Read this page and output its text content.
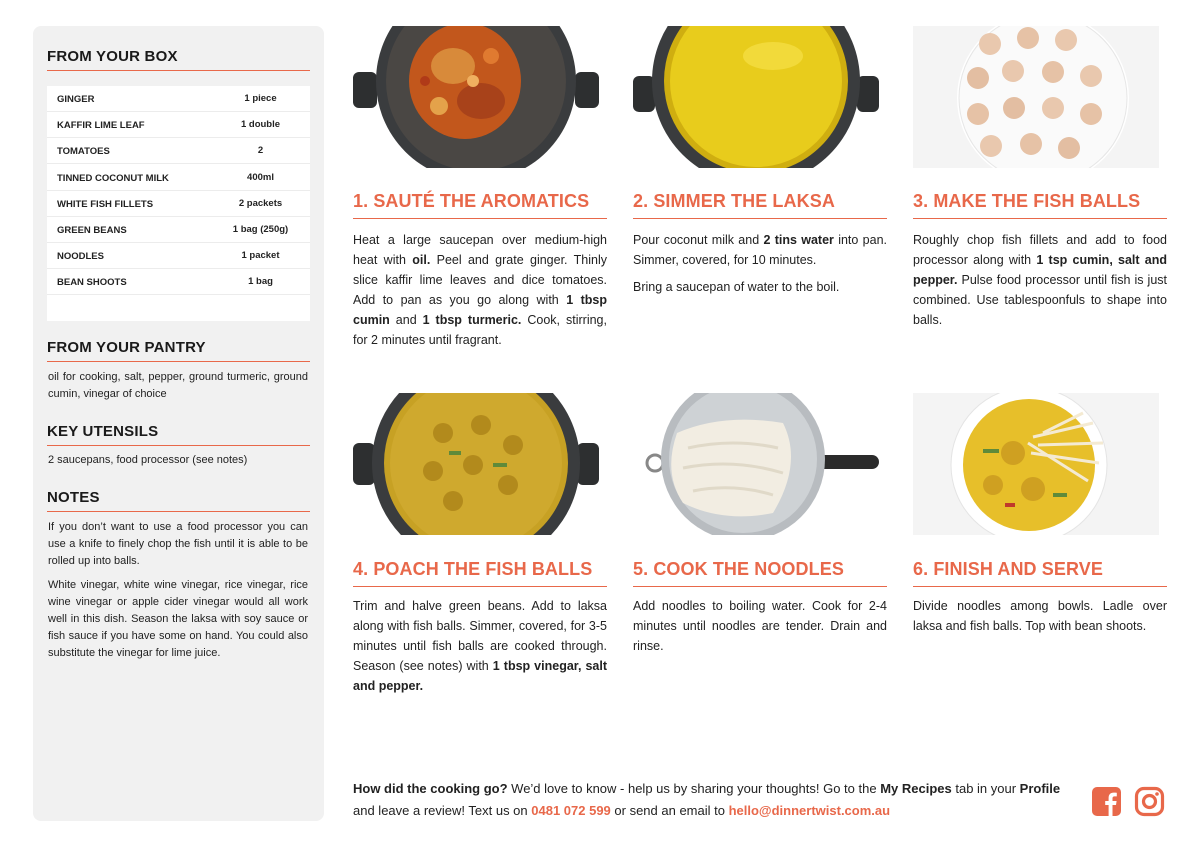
FROM YOUR BOX
GINGER	1 piece
KAFFIR LIME LEAF	1 double
TOMATOES	2
TINNED COCONUT MILK	400ml
WHITE FISH FILLETS	2 packets
GREEN BEANS	1 bag (250g)
NOODLES	1 packet
BEAN SHOOTS	1 bag
FROM YOUR PANTRY
oil for cooking, salt, pepper, ground turmeric, ground cumin, vinegar of choice
KEY UTENSILS
2 saucepans, food processor (see notes)
NOTES
If you don’t want to use a food processor you can use a knife to finely chop the fish until it is able to be rolled up into balls.
White vinegar, white wine vinegar, rice vinegar, rice wine vinegar or apple cider vinegar would all work well in this dish. Season the laksa with soy sauce or fish sauce if you have some on hand. You could also substitute the vinegar for lime juice.
1. SAUTÉ THE AROMATICS	2. SIMMER THE LAKSA	3. MAKE THE FISH BALLS
4. POACH THE FISH BALLS	5. COOK THE NOODLES	6. FINISH AND SERVE

Heat a large saucepan over medium-high heat with oil. Peel and grate ginger. Thinly slice kaffir lime leaves and dice tomatoes. Add to pan as you go along with 1 tbsp cumin and 1 tbsp turmeric. Cook, stirring, for 2 minutes until fragrant.

Pour coconut milk and 2 tins water into pan. Simmer, covered, for 10 minutes.

Bring a saucepan of water to the boil.

Roughly chop fish fillets and add to food processor along with 1 tsp cumin, salt and pepper. Pulse food processor until fish is just combined. Use tablespoonfuls to shape into balls.

Trim and halve green beans. Add to laksa along with fish balls. Simmer, covered, for 3-5 minutes until fish balls are cooked through. Season (see notes) with 1 tbsp vinegar, salt and pepper.

Add noodles to boiling water. Cook for 2-4 minutes until noodles are tender. Drain and rinse.

Divide noodles among bowls. Ladle over laksa and fish balls. Top with bean shoots.

How did the cooking go? We’d love to know - help us by sharing your thoughts! Go to the My Recipes tab in your Profile and leave a review! Text us on 0481 072 599 or send an email to hello@dinnertwist.com.au
